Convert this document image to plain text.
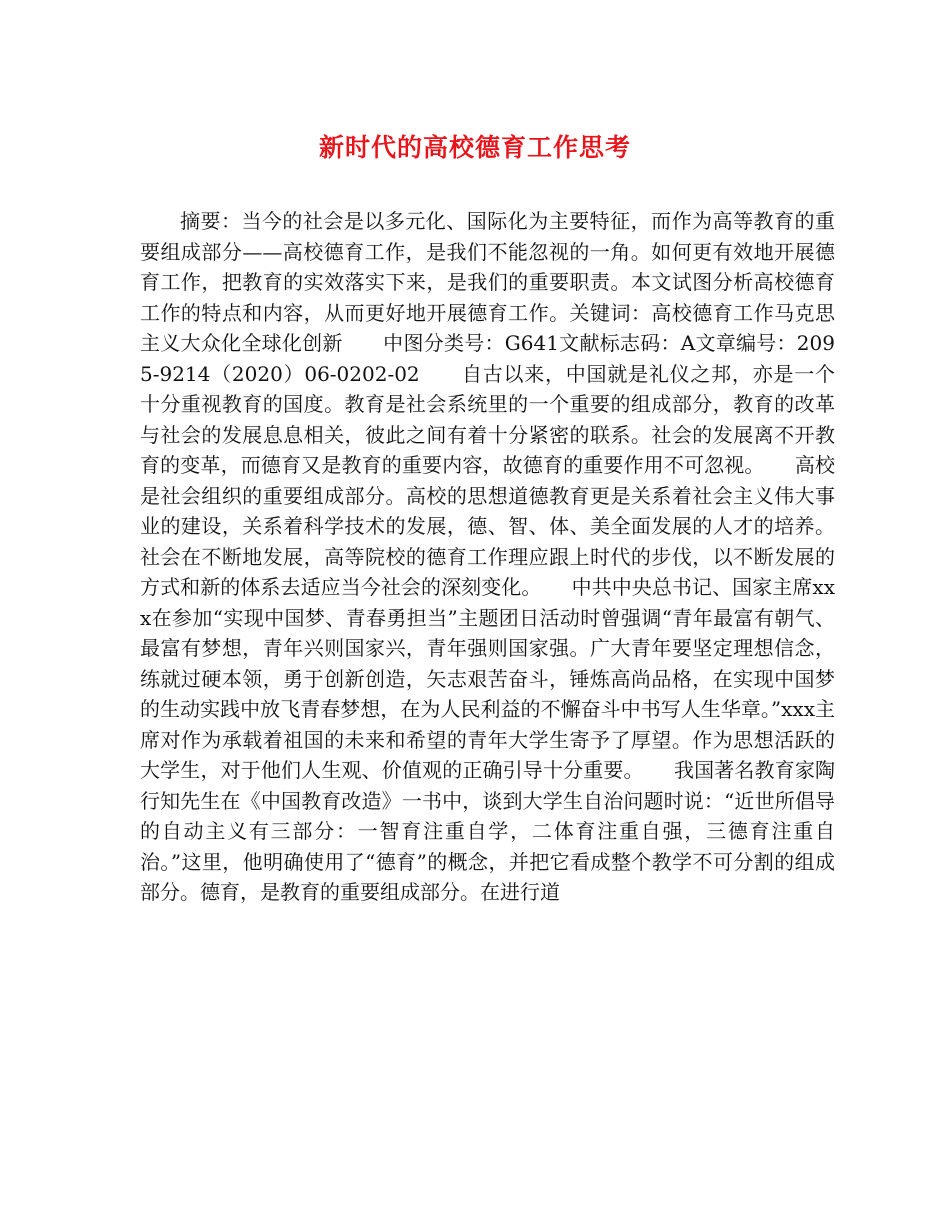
新时代的高校德育工作思考

摘要：当今的社会是以多元化、国际化为主要特征，而作为高等教育的重要组成部分——高校德育工作，是我们不能忽视的一角。如何更有效地开展德育工作，把教育的实效落实下来，是我们的重要职责。本文试图分析高校德育工作的特点和内容，从而更好地开展德育工作。关键词：高校德育工作马克思主义大众化全球化创新　　中图分类号：G641文献标志码：A文章编号：2095-9214（2020）06-0202-02　　自古以来，中国就是礼仪之邦，亦是一个十分重视教育的国度。教育是社会系统里的一个重要的组成部分，教育的改革与社会的发展息息相关，彼此之间有着十分紧密的联系。社会的发展离不开教育的变革，而德育又是教育的重要内容，故德育的重要作用不可忽视。　　高校是社会组织的重要组成部分。高校的思想道德教育更是关系着社会主义伟大事业的建设，关系着科学技术的发展，德、智、体、美全面发展的人才的培养。社会在不断地发展，高等院校的德育工作理应跟上时代的步伐，以不断发展的方式和新的体系去适应当今社会的深刻变化。　　中共中央总书记、国家主席xxx在参加“实现中国梦、青春勇担当”主题团日活动时曾强调“青年最富有朝气、最富有梦想，青年兴则国家兴，青年强则国家强。广大青年要坚定理想信念，练就过硬本领，勇于创新创造，矢志艰苦奋斗，锤炼高尚品格，在实现中国梦的生动实践中放飞青春梦想，在为人民利益的不懈奋斗中书写人生华章。”xxx主席对作为承载着祖国的未来和希望的青年大学生寄予了厚望。作为思想活跃的大学生，对于他们人生观、价值观的正确引导十分重要。　　我国著名教育家陶行知先生在《中国教育改造》一书中，谈到大学生自治问题时说：“近世所倡导的自动主义有三部分：一智育注重自学，二体育注重自强，三德育注重自治。”这里，他明确使用了“德育”的概念，并把它看成整个教学不可分割的组成部分。德育，是教育的重要组成部分。在进行道
